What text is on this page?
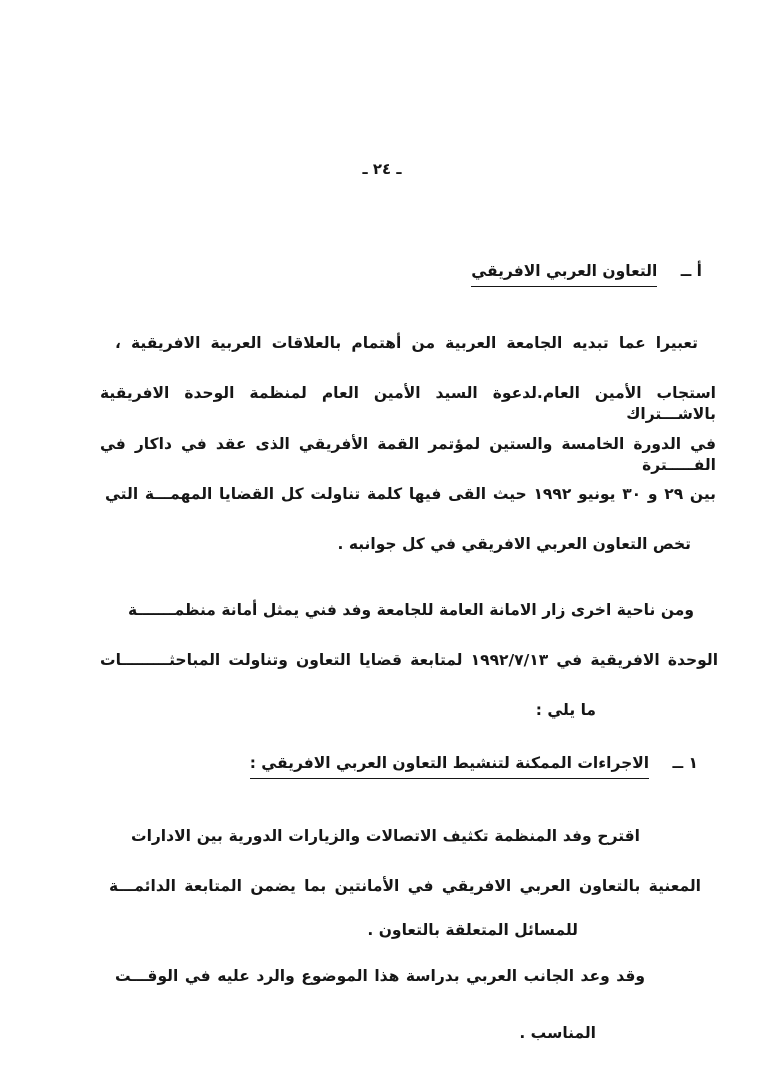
ـ ٢٤ ـ
أ ــ التعاون العربي الافريقي
تعبيرا عما تبديه الجامعة العربية من أهتمام بالعلاقات العربية الافريقية ،
استجاب الأمين العام.لدعوة السيد الأمين العام لمنظمة الوحدة الافريقية بالاشـــتراك
في الدورة الخامسة والستين لمؤتمر القمة الأفريقي الذى عقد في داكار في الفـــــترة
بين ٢٩ و ٣٠ يونيو ١٩٩٢ حيث القى فيها كلمة تناولت كل القضايا المهمـــة التي
تخص التعاون العربي الافريقي في كل جوانبه .
ومن ناحية اخرى زار الامانة العامة للجامعة وفد فني يمثل أمانة منظمـــــــة
الوحدة الافريقية في ١٩٩٢/٧/١٣ لمتابعة قضايا التعاون وتناولت المباحثـــــــــات
ما يلي :
١ ــ الاجراءات الممكنة لتنشيط التعاون العربي الافريقي :
اقترح وفد المنظمة تكثيف الاتصالات والزيارات الدورية بين الادارات
المعنية بالتعاون العربي الافريقي في الأمانتين بما يضمن المتابعة الدائمـــة
للمسائل المتعلقة بالتعاون .
وقد وعد الجانب العربي بدراسة هذا الموضوع والرد عليه في الوقـــت
المناسب .
